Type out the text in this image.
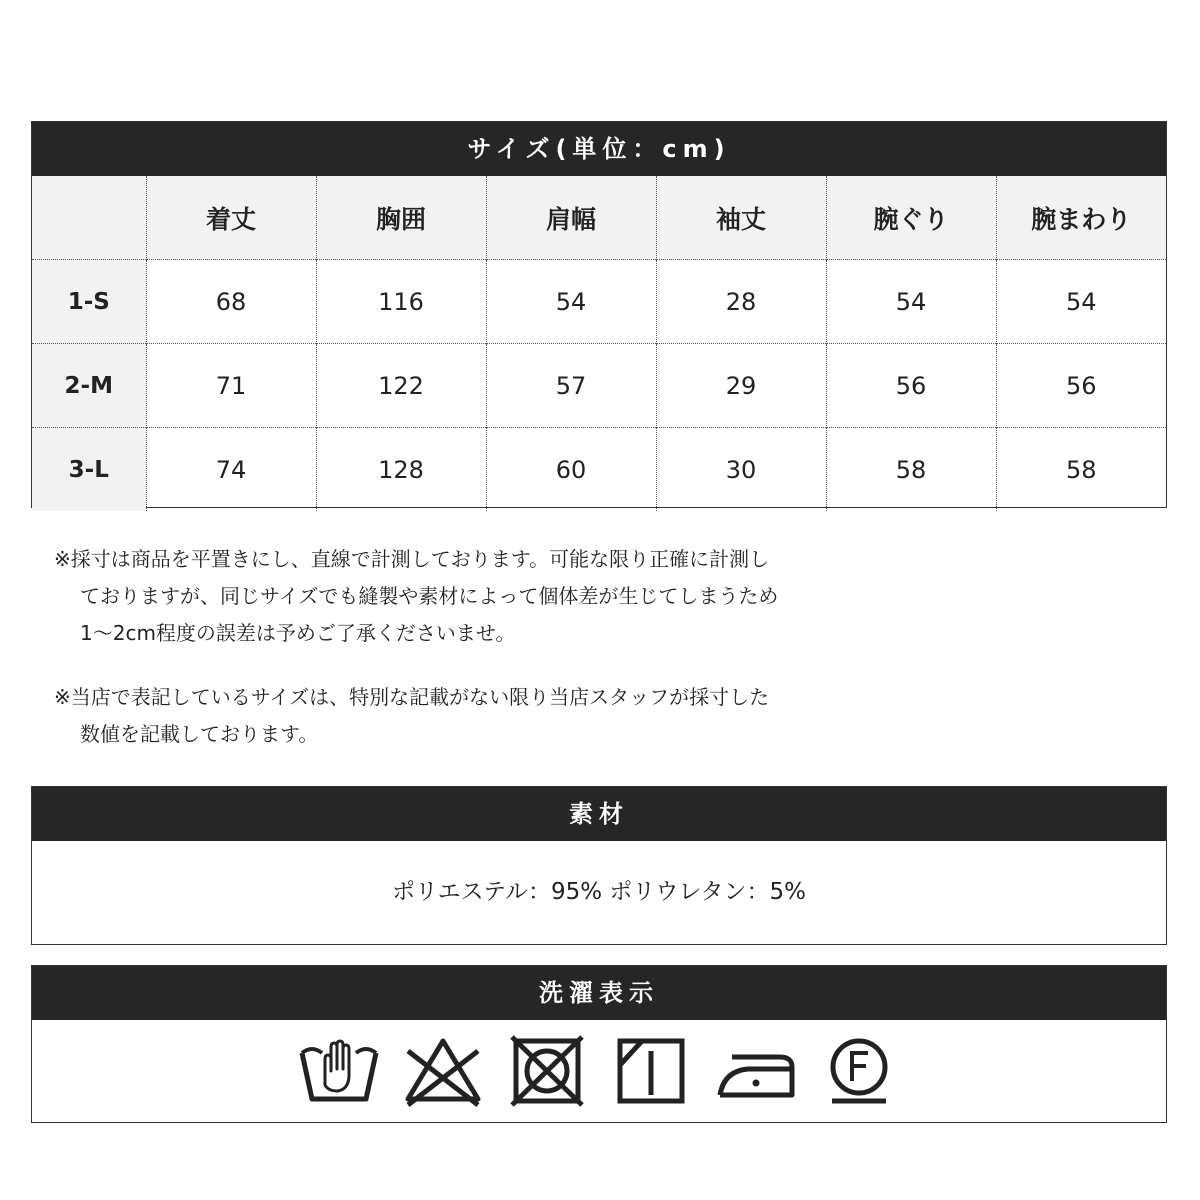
サイズ(単位：cm)
	着丈	胸囲	肩幅	袖丈	腕ぐり	腕まわり
1-S	68	116	54	28	54	54
2-M	71	122	57	29	56	56
3-L	74	128	60	30	58	58
※採寸は商品を平置きにし、直線で計測しております。可能な限り正確に計測し
ておりますが、同じサイズでも縫製や素材によって個体差が生じてしまうため
1〜2cm程度の誤差は予めご了承くださいませ。
※当店で表記しているサイズは、特別な記載がない限り当店スタッフが採寸した
数値を記載しております。
素材
ポリエステル：95% ポリウレタン：5%
洗濯表示
